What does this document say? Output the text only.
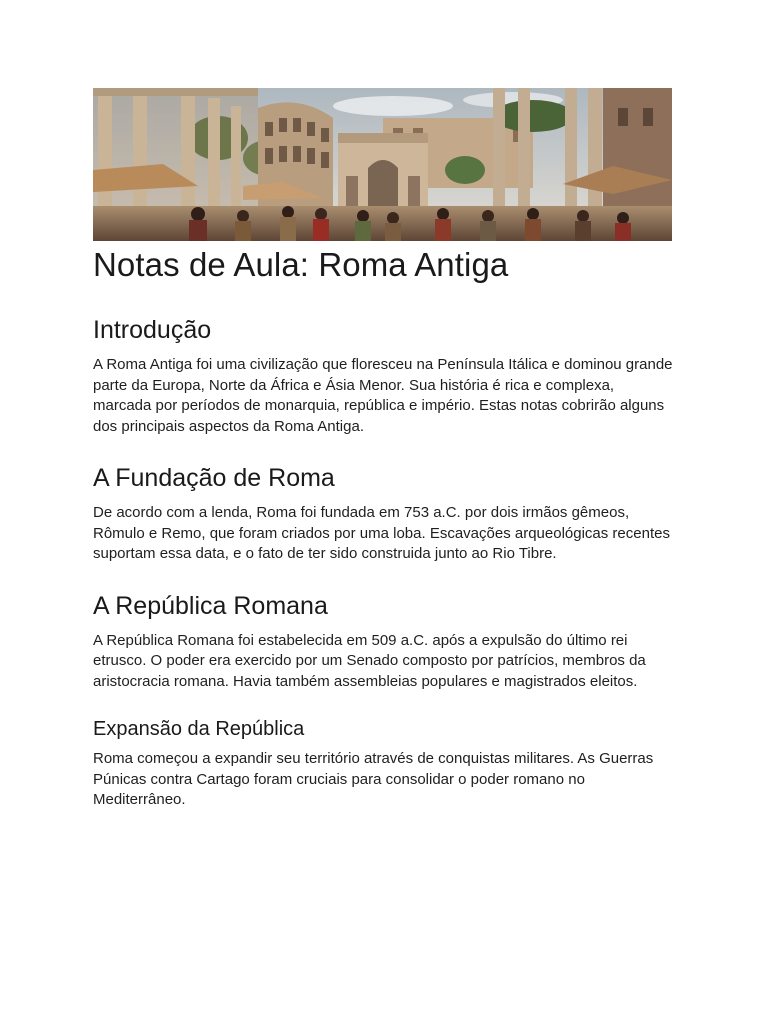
Notas de Aula: Roma Antiga
Introdução

A Roma Antiga foi uma civilização que floresceu na Península Itálica e dominou grande parte da Europa, Norte da África e Ásia Menor. Sua história é rica e complexa, marcada por períodos de monarquia, república e império. Estas notas cobrirão alguns dos principais aspectos da Roma Antiga.

A Fundação de Roma

De acordo com a lenda, Roma foi fundada em 753 a.C. por dois irmãos gêmeos, Rômulo e Remo, que foram criados por uma loba. Escavações arqueológicas recentes suportam essa data, e o fato de ter sido construida junto ao Rio Tibre.

A República Romana

A República Romana foi estabelecida em 509 a.C. após a expulsão do último rei etrusco. O poder era exercido por um Senado composto por patrícios, membros da aristocracia romana. Havia também assembleias populares e magistrados eleitos.

Expansão da República

Roma começou a expandir seu território através de conquistas militares. As Guerras Púnicas contra Cartago foram cruciais para consolidar o poder romano no Mediterrâneo.
